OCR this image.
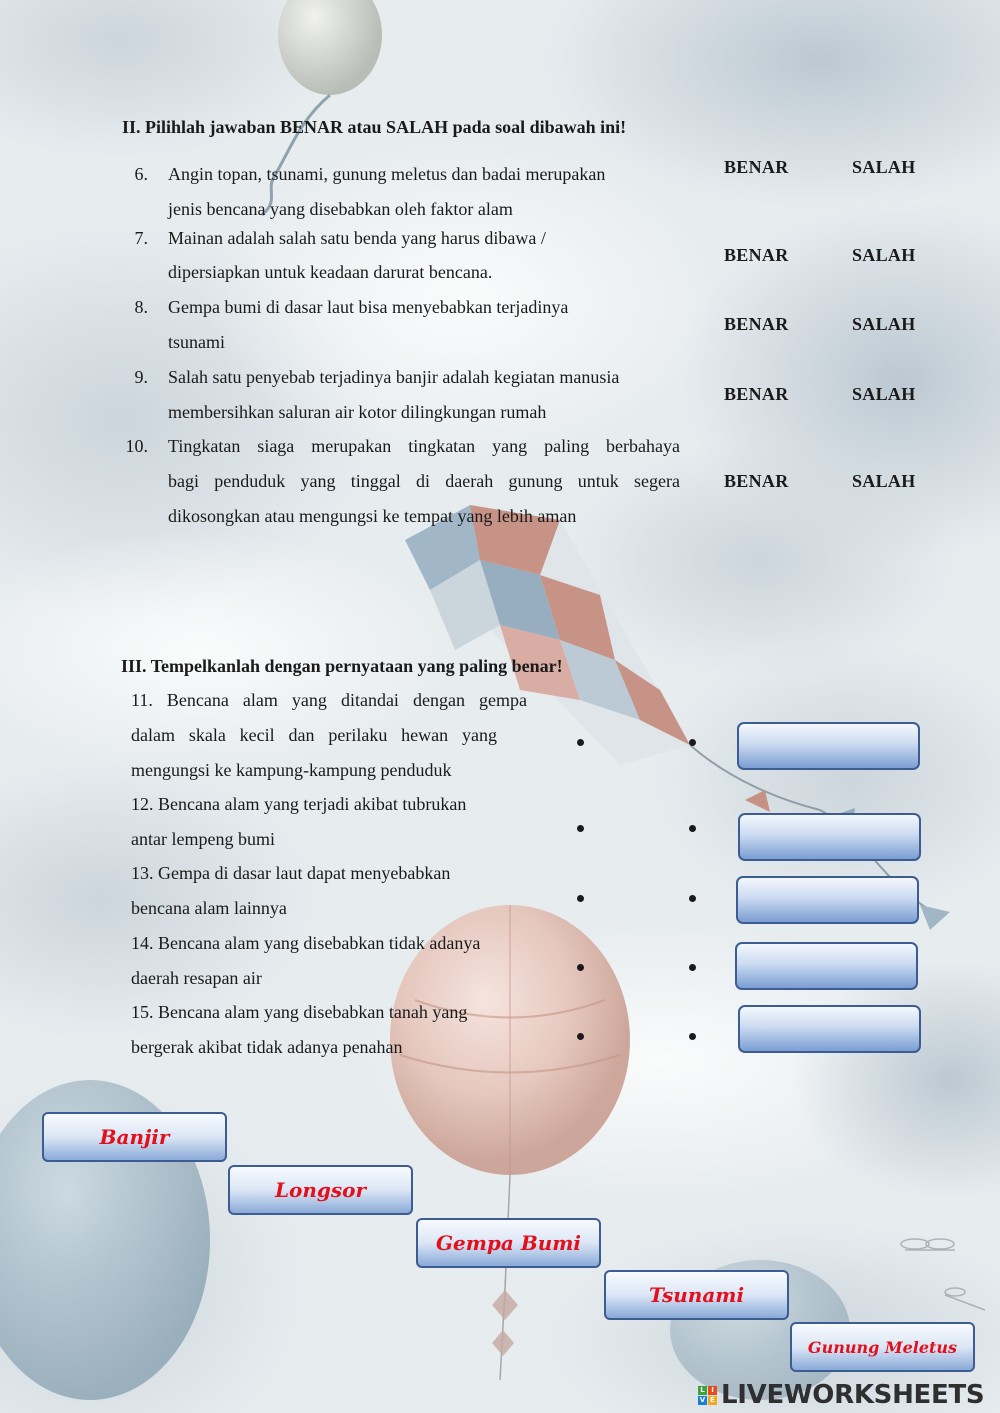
II. Pilihlah jawaban BENAR atau SALAH pada soal dibawah ini!
6. Angin topan, tsunami, gunung meletus dan badai merupakan
jenis bencana yang disebabkan oleh faktor alam
BENAR	SALAH
7. Mainan adalah salah satu benda yang harus dibawa /
dipersiapkan untuk keadaan darurat bencana.
BENAR	SALAH
8. Gempa bumi di dasar laut bisa menyebabkan terjadinya
tsunami
BENAR	SALAH
9. Salah satu penyebab terjadinya banjir adalah kegiatan manusia
membersihkan saluran air kotor dilingkungan rumah
BENAR	SALAH
10. Tingkatan siaga merupakan tingkatan yang paling berbahaya
bagi penduduk yang tinggal di daerah gunung untuk segera
dikosongkan atau mengungsi ke tempat yang lebih aman
BENAR	SALAH
III. Tempelkanlah dengan pernyataan yang paling benar!
11. Bencana alam yang ditandai dengan gempa
dalam skala kecil dan perilaku hewan yang
mengungsi ke kampung-kampung penduduk
12. Bencana alam yang terjadi akibat tubrukan
antar lempeng bumi
13. Gempa di dasar laut dapat menyebabkan
bencana alam lainnya
14. Bencana alam yang disebabkan tidak adanya
daerah resapan air
15. Bencana alam yang disebabkan tanah yang
bergerak akibat tidak adanya penahan
Banjir
Longsor
Gempa Bumi
Tsunami
Gunung Meletus
L I
V E LIVEWORKSHEETS
